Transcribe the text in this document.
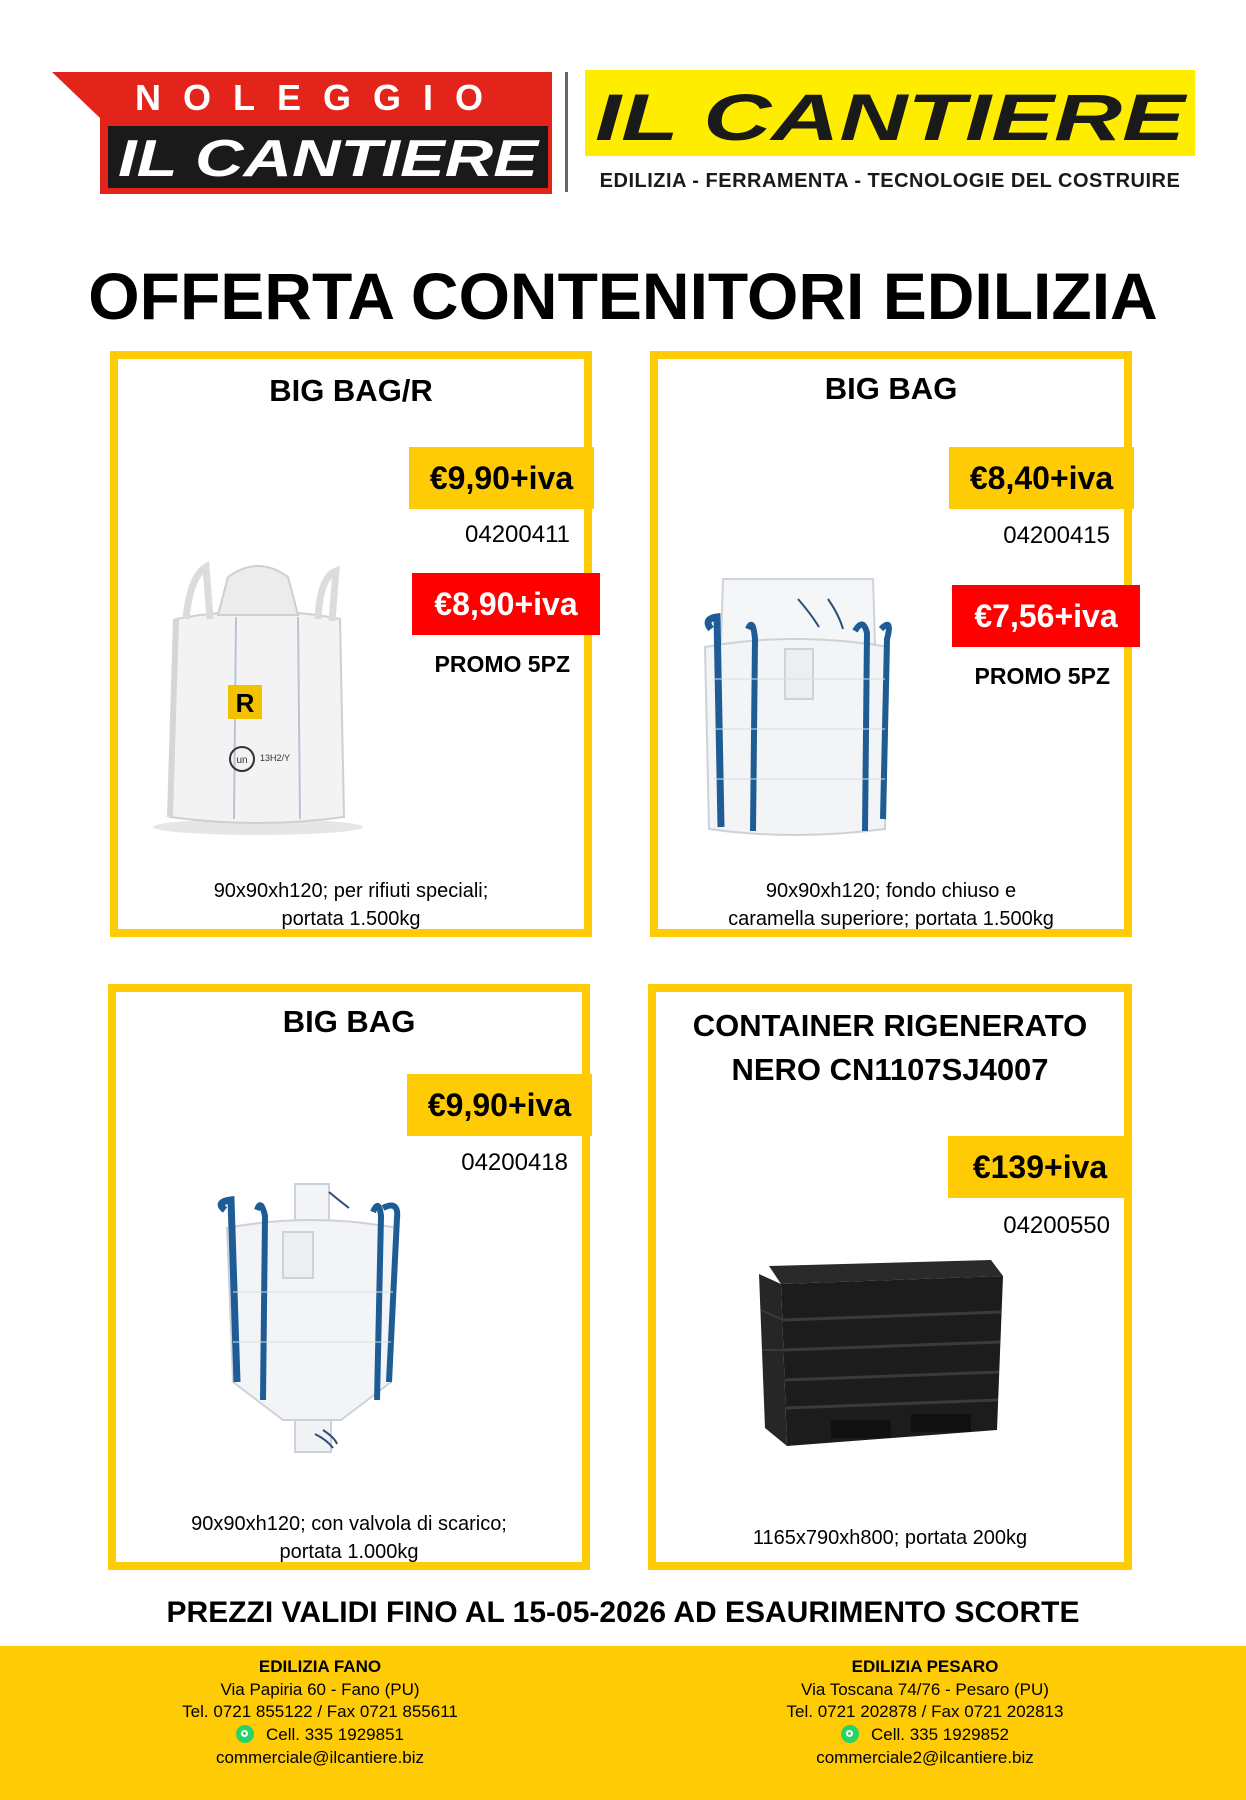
NOLEGGIO
IL CANTIERE
IL CANTIERE
EDILIZIA - FERRAMENTA - TECNOLOGIE DEL COSTRUIRE
OFFERTA CONTENITORI EDILIZIA
BIG BAG/R
€9,90+iva
04200411
€8,90+iva
PROMO 5PZ
R
un 13H2/Y
90x90xh120; per rifiuti speciali;
portata 1.500kg
BIG BAG
€8,40+iva
04200415
€7,56+iva
PROMO 5PZ
90x90xh120; fondo chiuso e
caramella superiore; portata 1.500kg
BIG BAG
€9,90+iva
04200418
90x90xh120; con valvola di scarico;
portata 1.000kg
CONTAINER RIGENERATO
NERO CN1107SJ4007
€139+iva
04200550
1165x790xh800; portata 200kg
PREZZI VALIDI FINO AL 15-05-2026 AD ESAURIMENTO SCORTE
EDILIZIA FANO
Via Papiria 60 - Fano (PU)
Tel. 0721 855122 / Fax 0721 855611
Cell. 335 1929851
commerciale@ilcantiere.biz
EDILIZIA PESARO
Via Toscana 74/76 - Pesaro (PU)
Tel. 0721 202878 / Fax 0721 202813
Cell. 335 1929852
commerciale2@ilcantiere.biz
